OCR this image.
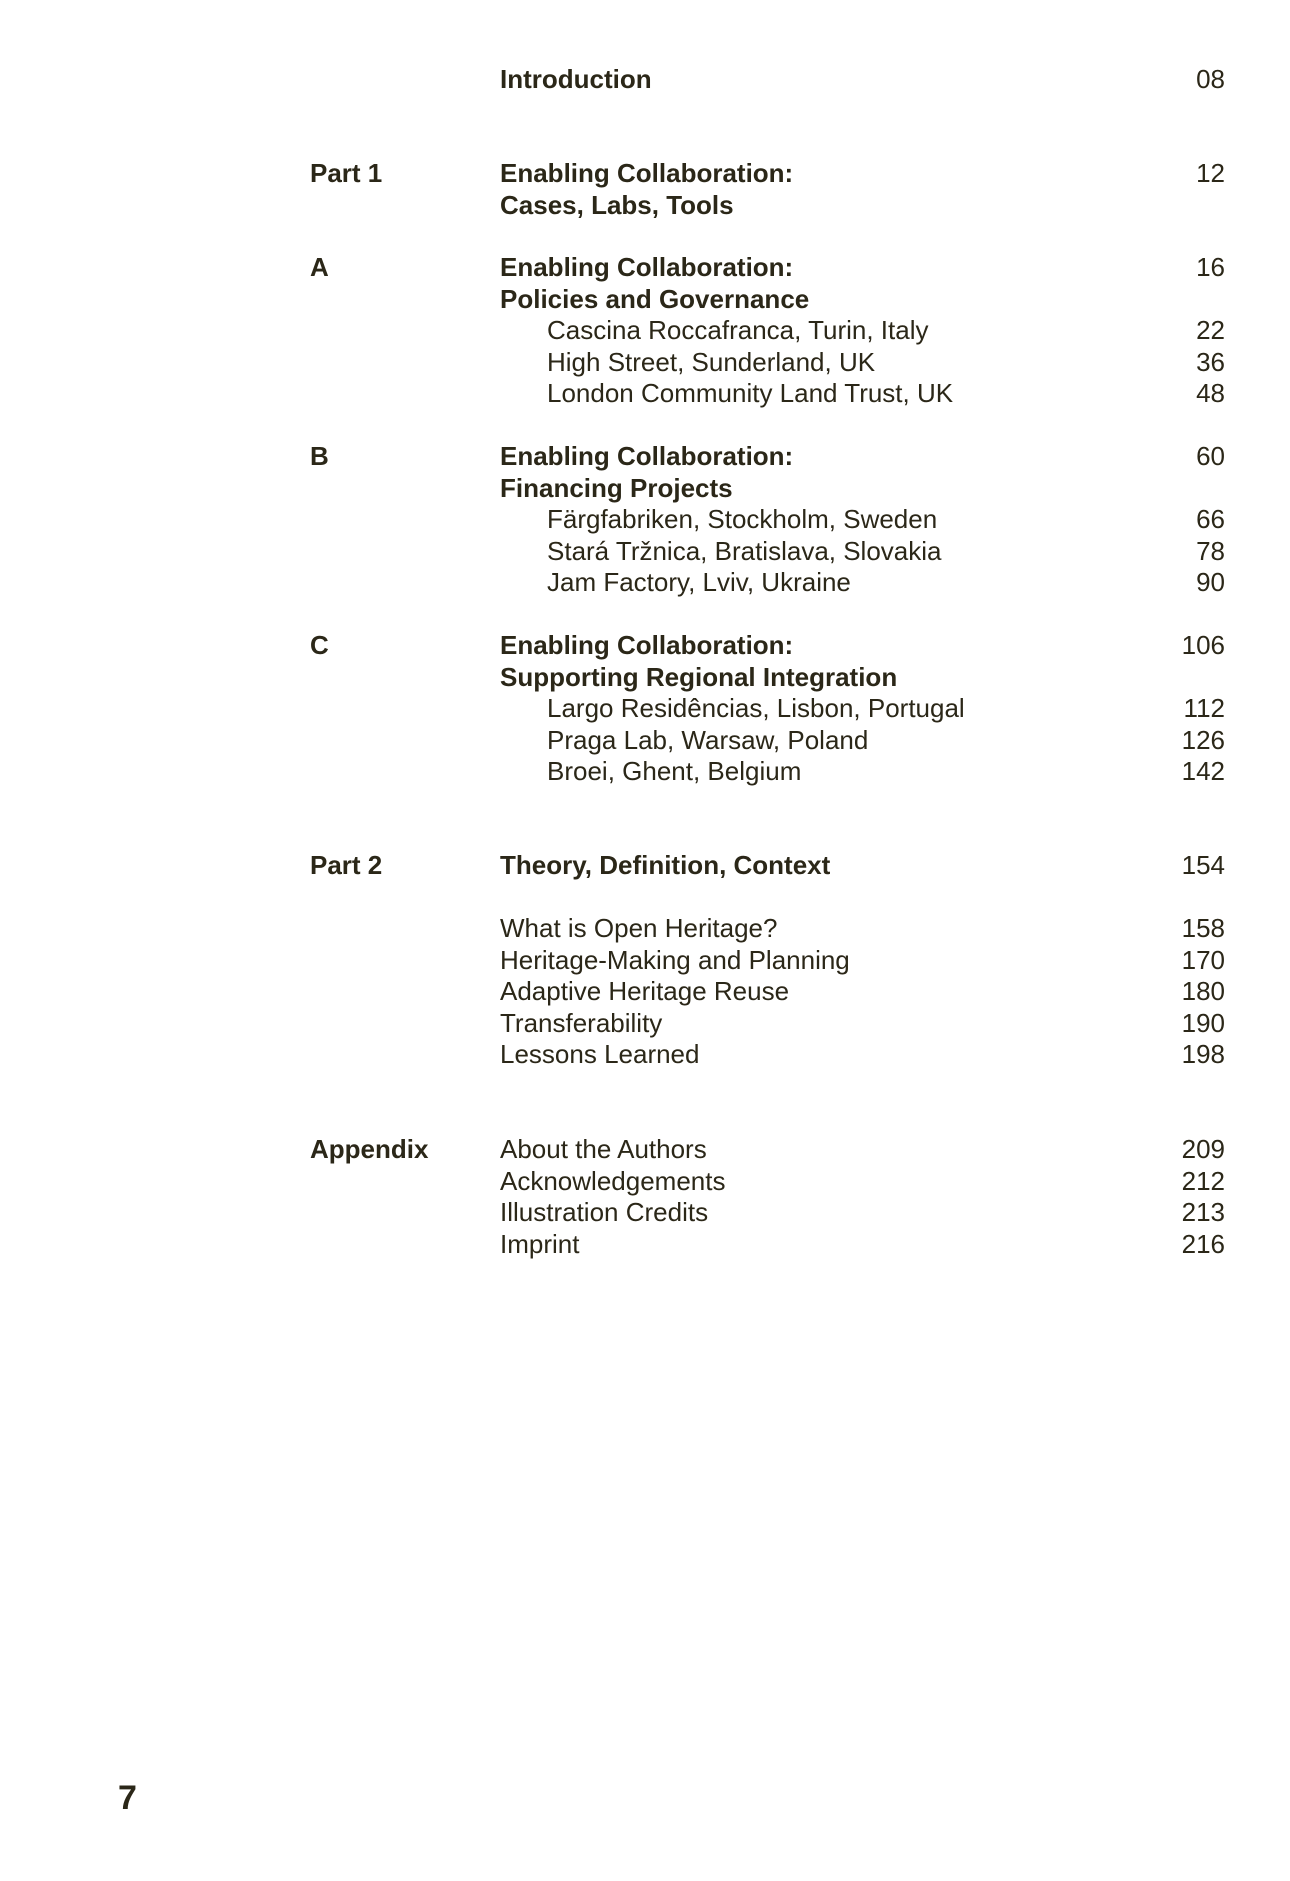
Introduction	08
Part 1	Enabling Collaboration:	12
Cases, Labs, Tools
A	Enabling Collaboration:	16
Policies and Governance
Cascina Roccafranca, Turin, Italy	22
High Street, Sunderland, UK	36
London Community Land Trust, UK	48
B	Enabling Collaboration:	60
Financing Projects
Färgfabriken, Stockholm, Sweden	66
Stará Tržnica, Bratislava, Slovakia	78
Jam Factory, Lviv, Ukraine	90
C	Enabling Collaboration:	106
Supporting Regional Integration
Largo Residências, Lisbon, Portugal	112
Praga Lab, Warsaw, Poland	126
Broei, Ghent, Belgium	142
Part 2	Theory, Definition, Context	154
What is Open Heritage?	158
Heritage-Making and Planning	170
Adaptive Heritage Reuse	180
Transferability	190
Lessons Learned	198
Appendix	About the Authors	209
Acknowledgements	212
Illustration Credits	213
Imprint	216
7
